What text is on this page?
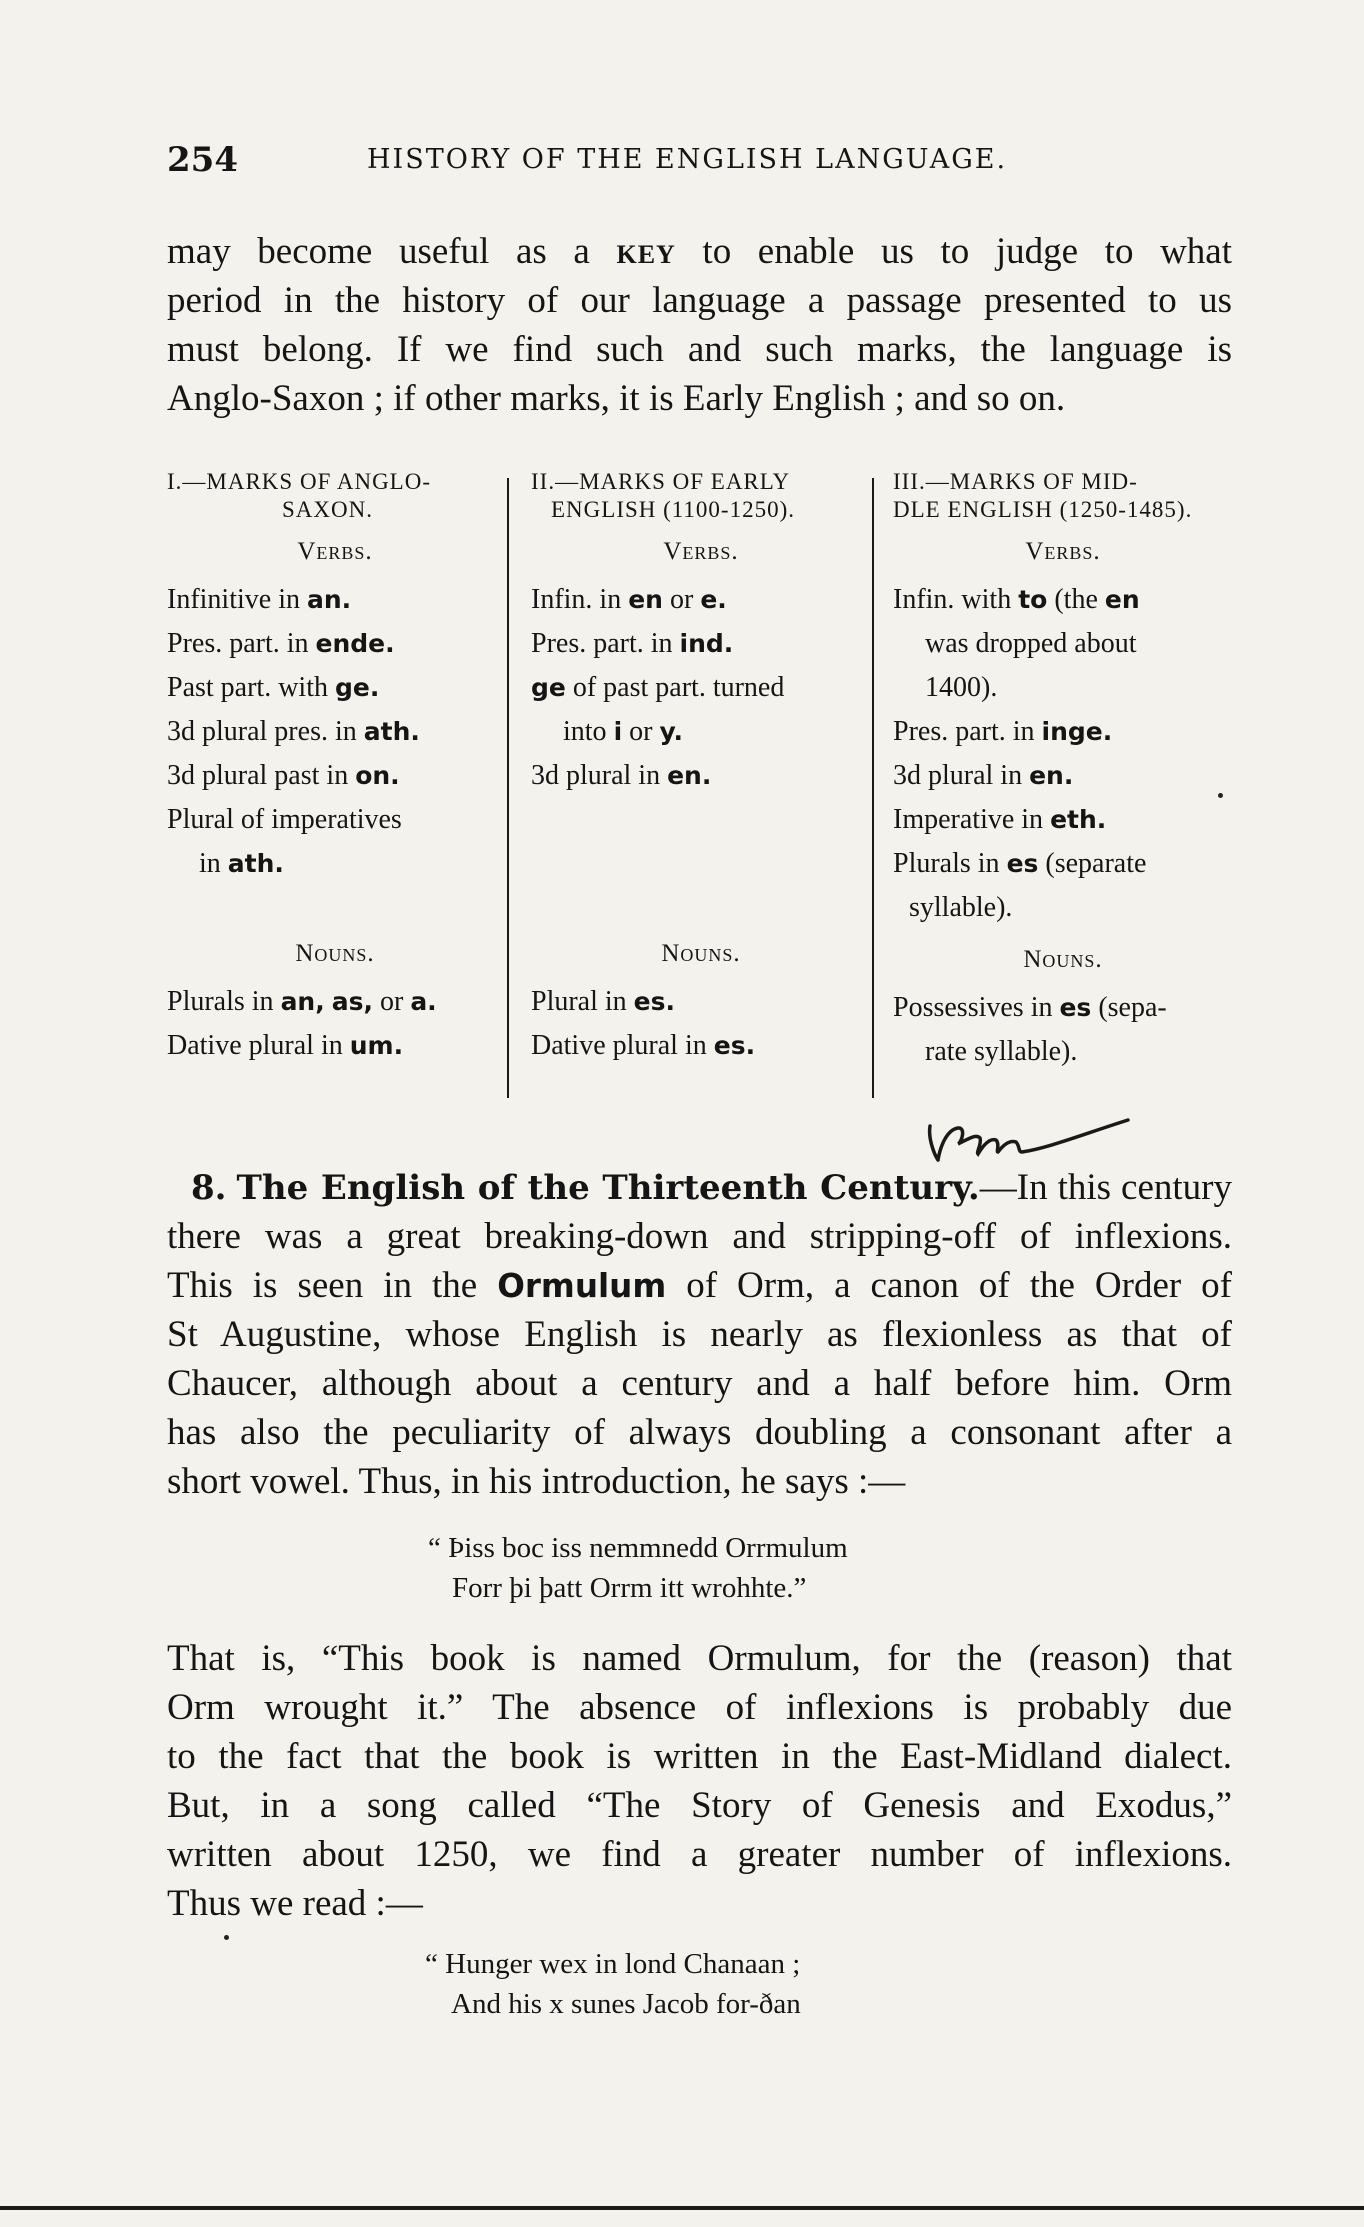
254	HISTORY OF THE ENGLISH LANGUAGE.
may become useful as a key to enable us to judge to what
period in the history of our language a passage presented to us
must belong. If we find such and such marks, the language is
Anglo-Saxon ; if other marks, it is Early English ; and so on.
I.—MARKS OF ANGLO-
SAXON.
Verbs.
Infinitive in an.
Pres. part. in ende.
Past part. with ge.
3d plural pres. in ath.
3d plural past in on.
Plural of imperatives
in ath.
Nouns.
Plurals in an, as, or a.
Dative plural in um.
II.—MARKS OF EARLY
ENGLISH (1100-1250).
Verbs.
Infin. in en or e.
Pres. part. in ind.
ge of past part. turned
into i or y.
3d plural in en.
Nouns.
Plural in es.
Dative plural in es.
III.—MARKS OF MID-
DLE ENGLISH (1250-1485).
Verbs.
Infin. with to (the en
was dropped about
1400).
Pres. part. in inge.
3d plural in en.
Imperative in eth.
Plurals in es (separate
syllable).
Nouns.
Possessives in es (sepa-
rate syllable).
8. The English of the Thirteenth Century.—In this century
there was a great breaking-down and stripping-off of inflexions.
This is seen in the Ormulum of Orm, a canon of the Order of
St Augustine, whose English is nearly as flexionless as that of
Chaucer, although about a century and a half before him. Orm
has also the peculiarity of always doubling a consonant after a
short vowel. Thus, in his introduction, he says :—
“ Þiss boc iss nemmnedd Orrmulum
Forr þi þatt Orrm itt wrohhte.”
That is, “This book is named Ormulum, for the (reason) that
Orm wrought it.” The absence of inflexions is probably due
to the fact that the book is written in the East-Midland dialect.
But, in a song called “The Story of Genesis and Exodus,”
written about 1250, we find a greater number of inflexions.
Thus we read :—
“ Hunger wex in lond Chanaan ;
And his x sunes Jacob for-ðan
